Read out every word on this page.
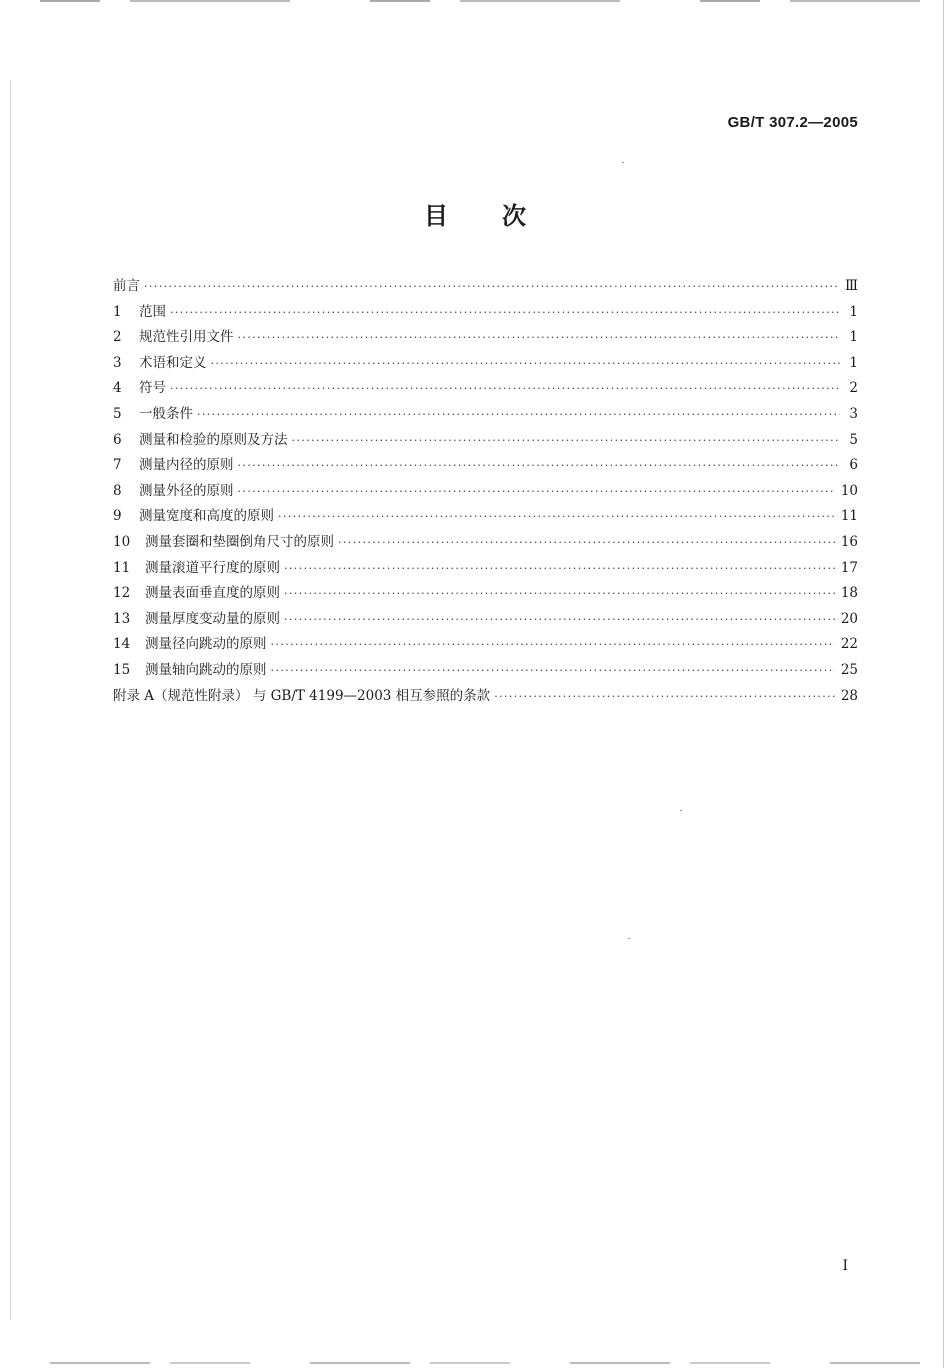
GB/T 307.2—2005
目次
前言 ·····	Ⅲ
1	范围 ·····	1
2	规范性引用文件 ·····	1
3	术语和定义 ·····	1
4	符号 ·····	2
5	一般条件 ·····	3
6	测量和检验的原则及方法 ·····	5
7	测量内径的原则 ·····	6
8	测量外径的原则 ·····	10
9	测量宽度和高度的原则 ·····	11
10	测量套圈和垫圈倒角尺寸的原则 ·····	16
11	测量滚道平行度的原则 ·····	17
12	测量表面垂直度的原则 ·····	18
13	测量厚度变动量的原则 ·····	20
14	测量径向跳动的原则 ·····	22
15	测量轴向跳动的原则 ·····	25
附录 A（规范性附录） 与 GB/T 4199—2003 相互参照的条款 ·····	28
I
